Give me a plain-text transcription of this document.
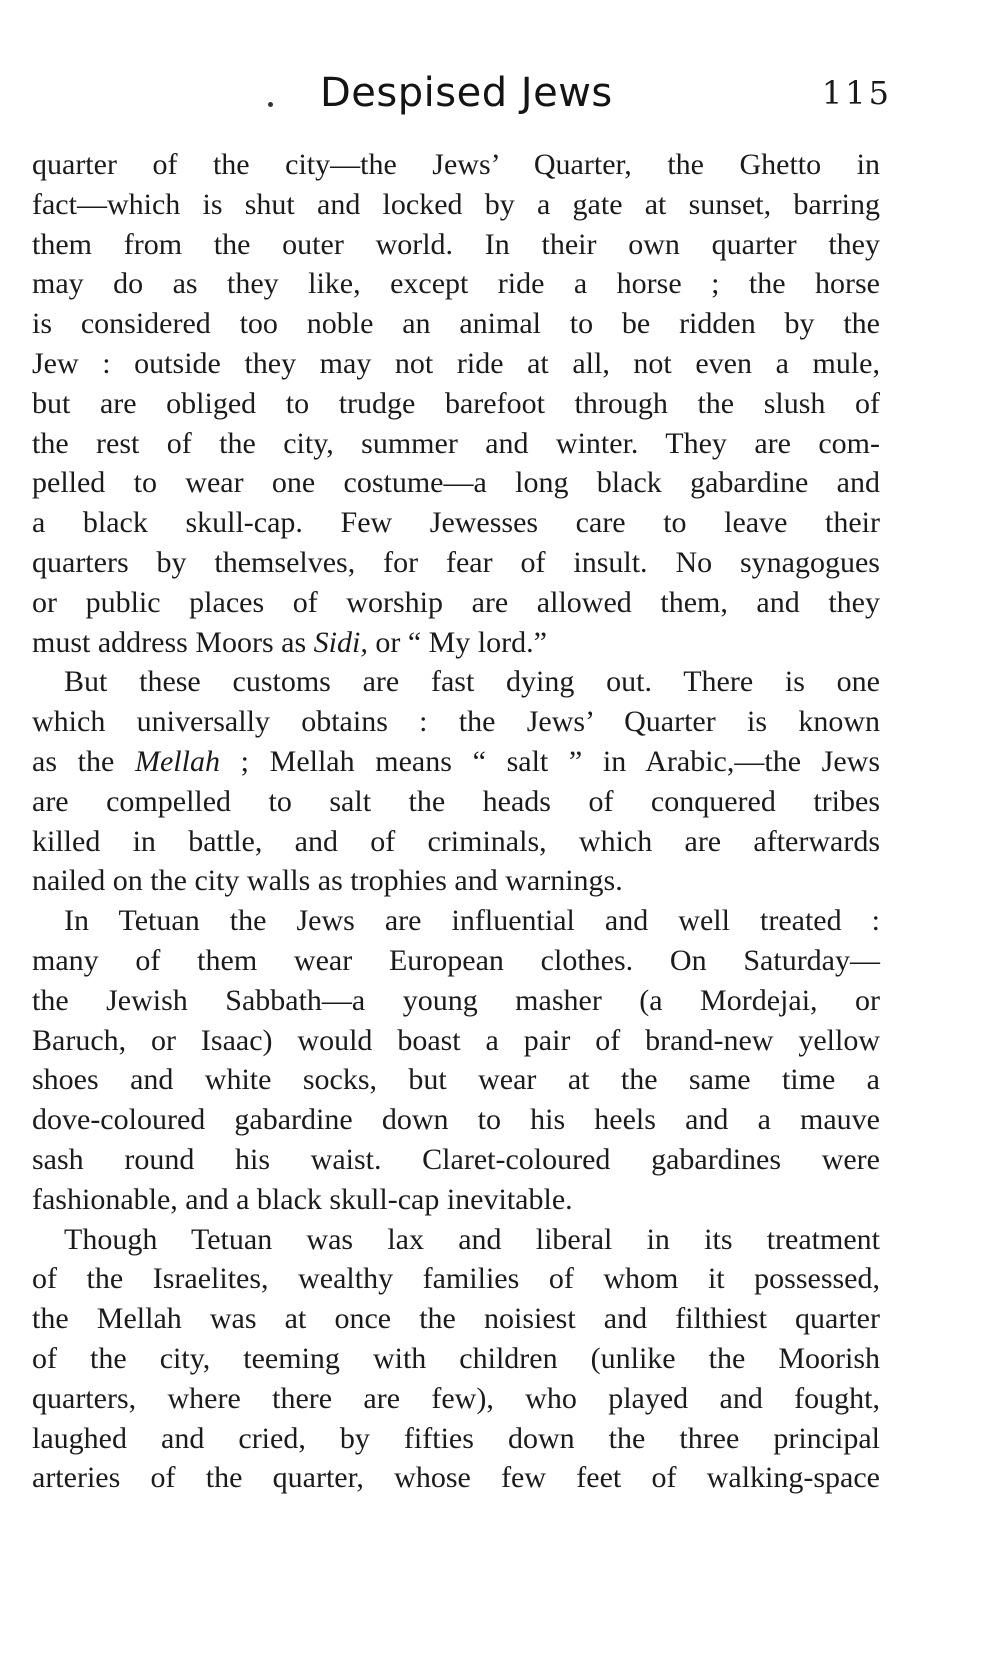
Despised Jews	115
quarter of the city—the Jews’ Quarter, the Ghetto in
fact—which is shut and locked by a gate at sunset, barring
them from the outer world. In their own quarter they
may do as they like, except ride a horse ; the horse
is considered too noble an animal to be ridden by the
Jew : outside they may not ride at all, not even a mule,
but are obliged to trudge barefoot through the slush of
the rest of the city, summer and winter. They are com-
pelled to wear one costume—a long black gabardine and
a black skull-cap. Few Jewesses care to leave their
quarters by themselves, for fear of insult. No synagogues
or public places of worship are allowed them, and they
must address Moors as Sidi, or “ My lord.”
But these customs are fast dying out. There is one
which universally obtains : the Jews’ Quarter is known
as the Mellah ; Mellah means “ salt ” in Arabic,—the Jews
are compelled to salt the heads of conquered tribes
killed in battle, and of criminals, which are afterwards
nailed on the city walls as trophies and warnings.
In Tetuan the Jews are influential and well treated :
many of them wear European clothes. On Saturday—
the Jewish Sabbath—a young masher (a Mordejai, or
Baruch, or Isaac) would boast a pair of brand-new yellow
shoes and white socks, but wear at the same time a
dove-coloured gabardine down to his heels and a mauve
sash round his waist. Claret-coloured gabardines were
fashionable, and a black skull-cap inevitable.
Though Tetuan was lax and liberal in its treatment
of the Israelites, wealthy families of whom it possessed,
the Mellah was at once the noisiest and filthiest quarter
of the city, teeming with children (unlike the Moorish
quarters, where there are few), who played and fought,
laughed and cried, by fifties down the three principal
arteries of the quarter, whose few feet of walking-space
